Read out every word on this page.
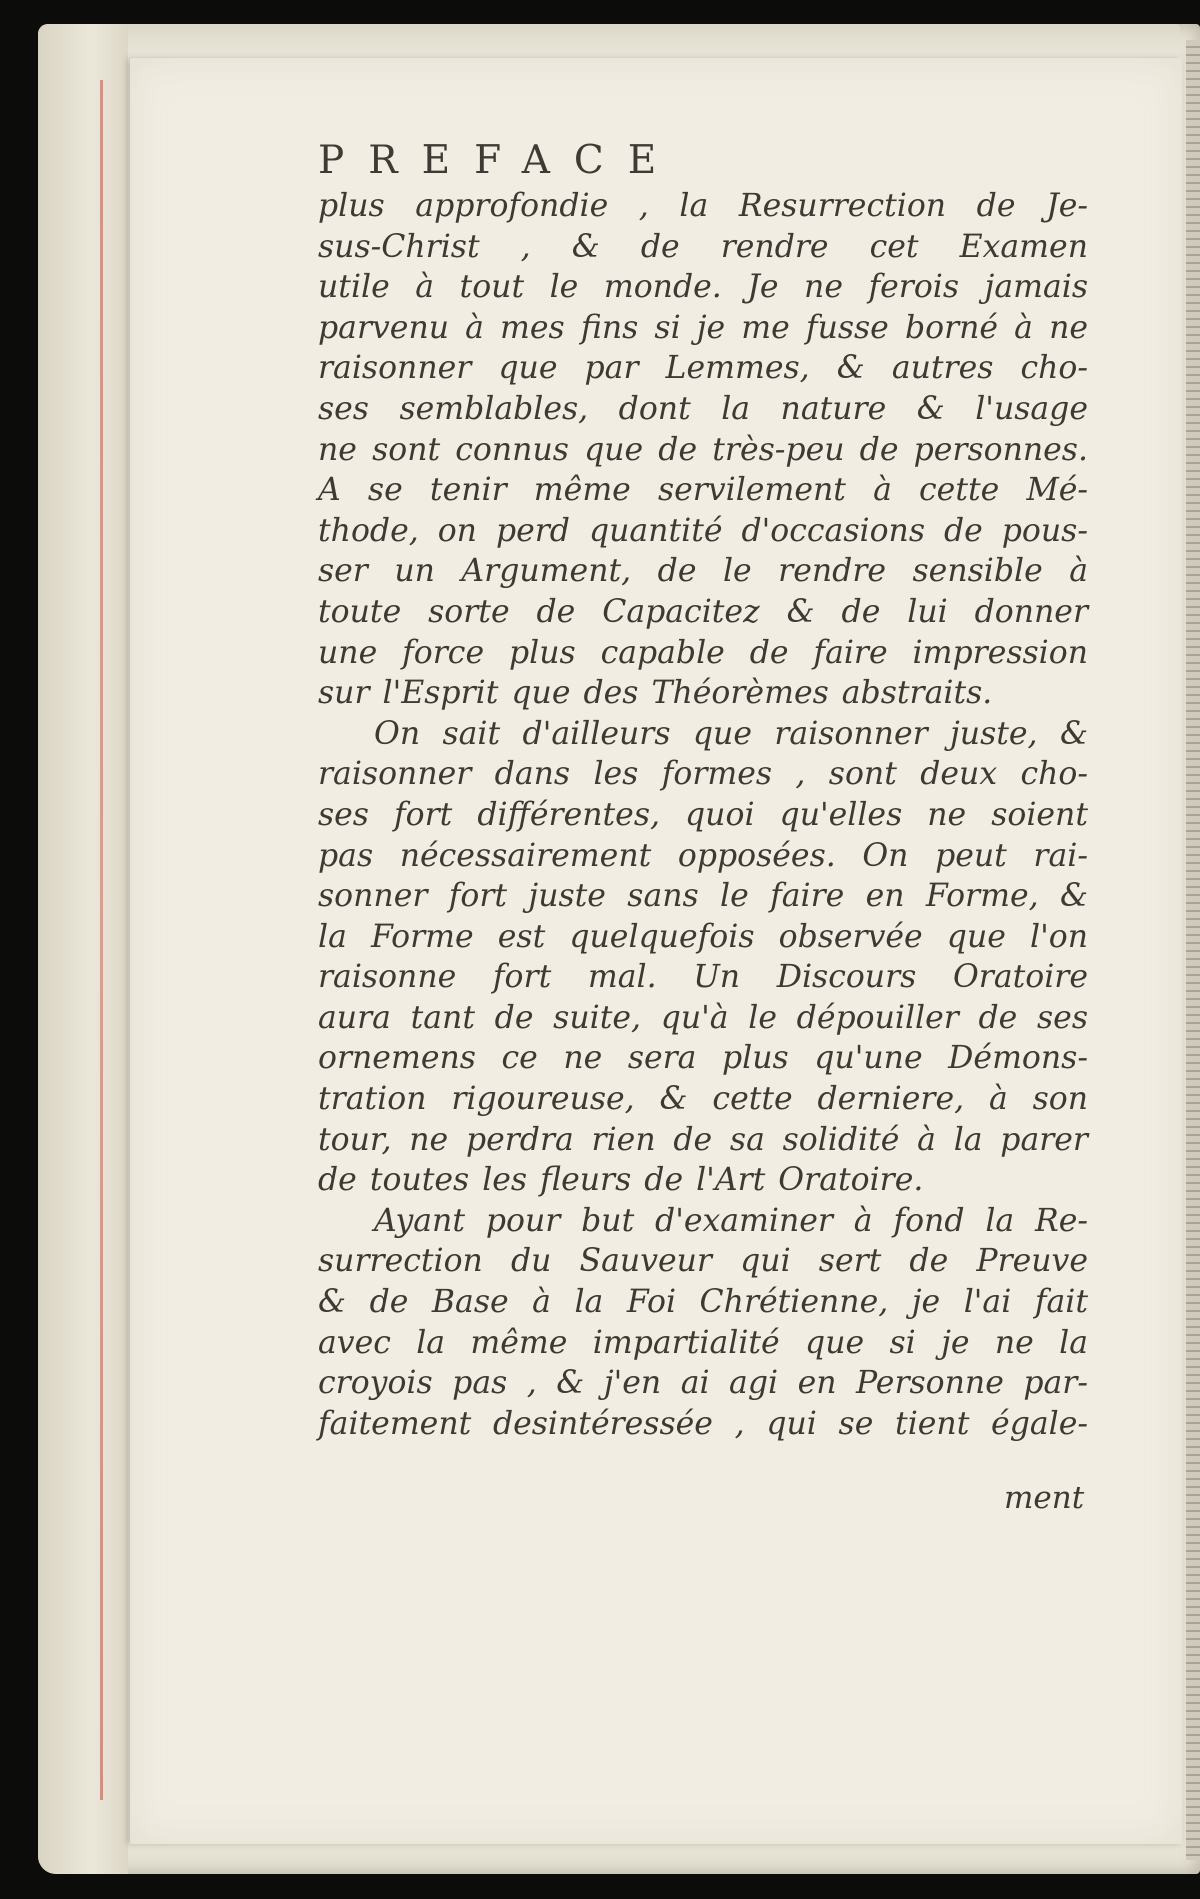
PREFACE
plus approfondie , la Resurrection de Je-
sus-Christ , & de rendre cet Examen
utile à tout le monde. Je ne ferois jamais
parvenu à mes fins si je me fusse borné à ne
raisonner que par Lemmes, & autres cho-
ses semblables, dont la nature & l'usage
ne sont connus que de très-peu de personnes.
A se tenir même servilement à cette Mé-
thode, on perd quantité d'occasions de pous-
ser un Argument, de le rendre sensible à
toute sorte de Capacitez & de lui donner
une force plus capable de faire impression
sur l'Esprit que des Théorèmes abstraits.
On sait d'ailleurs que raisonner juste, &
raisonner dans les formes , sont deux cho-
ses fort différentes, quoi qu'elles ne soient
pas nécessairement opposées. On peut rai-
sonner fort juste sans le faire en Forme, &
la Forme est quelquefois observée que l'on
raisonne fort mal. Un Discours Oratoire
aura tant de suite, qu'à le dépouiller de ses
ornemens ce ne sera plus qu'une Démons-
tration rigoureuse, & cette derniere, à son
tour, ne perdra rien de sa solidité à la parer
de toutes les fleurs de l'Art Oratoire.
Ayant pour but d'examiner à fond la Re-
surrection du Sauveur qui sert de Preuve
& de Base à la Foi Chrétienne, je l'ai fait
avec la même impartialité que si je ne la
croyois pas , & j'en ai agi en Personne par-
faitement desintéressée , qui se tient égale-
ment
